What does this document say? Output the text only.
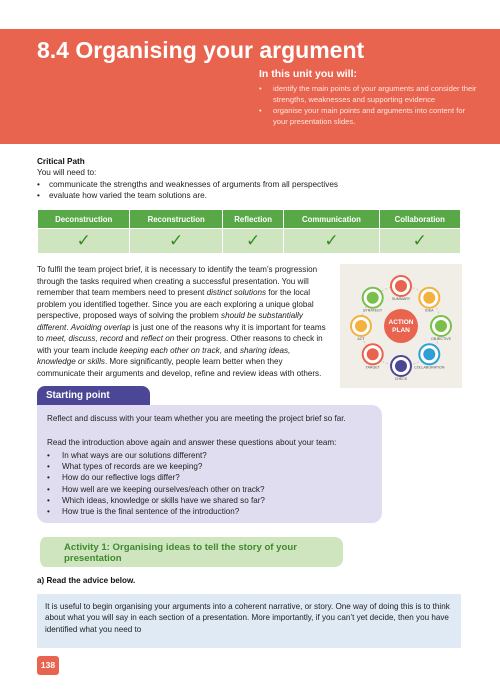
8.4 Organising your argument
In this unit you will:
• identify the main points of your arguments and consider their strengths, weaknesses and supporting evidence
• organise your main points and arguments into content for your presentation slides.
Critical Path
You will need to:
• communicate the strengths and weaknesses of arguments from all perspectives
• evaluate how varied the team solutions are.
Deconstruction	Reconstruction	Reflection	Communication	Collaboration
✓	✓	✓	✓	✓

To fulfil the team project brief, it is necessary to identify the team’s progression through the tasks required when creating a successful presentation. You will remember that team members need to present distinct solutions for the local problem you identified together. Since you are each exploring a unique global perspective, proposed ways of solving the problem should be substantially different. Avoiding overlap is just one of the reasons why it is important for teams to meet, discuss, record and reflect on their progress. Other reasons to check in with your team include keeping each other on track, and sharing ideas, knowledge or skills. More significantly, people learn better when they communicate their arguments and develop, refine and review ideas with others.

SUMMARY
IDEA
OBJECTIVE
COLLABORATION
CHECK
TARGET
ACT
STRATEGY
ACTION
PLAN
Starting point

Reflect and discuss with your team whether you are meeting the project brief so far.

Read the introduction above again and answer these questions about your team:

• In what ways are our solutions different?
• What types of records are we keeping?
• How do our reflective logs differ?
• How well are we keeping ourselves/each other on track?
• Which ideas, knowledge or skills have we shared so far?
• How true is the final sentence of the introduction?

Activity 1: Organising ideas to tell the story of your presentation

a) Read the advice below.

It is useful to begin organising your arguments into a coherent narrative, or story. One way of doing this is to think about what you will say in each section of a presentation. More importantly, if you can’t yet decide, then you have identified what you need to

138
